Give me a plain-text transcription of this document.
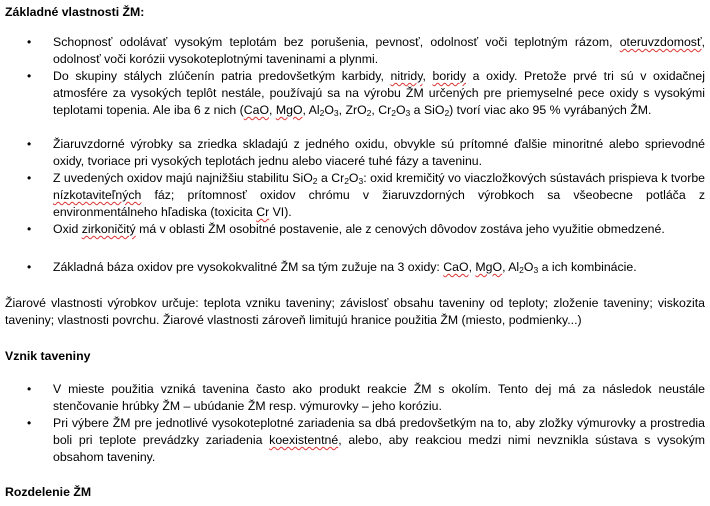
Základné vlastnosti ŽM:
• Schopnosť odolávať vysokým teplotám bez porušenia, pevnosť, odolnosť voči teplotným rázom, oteruvzdomosť, odolnosť voči korózii vysokoteplotnými taveninami a plynmi.
• Do skupiny stálych zlúčenín patria predovšetkým karbidy, nitridy, boridy a oxidy. Pretože prvé tri sú v oxidačnej atmosfére za vysokých teplôt nestále, používajú sa na výrobu ŽM určených pre priemyselné pece oxidy s vysokými teplotami topenia. Ale iba 6 z nich (CaO, MgO, $Al_2O_3$, ZrO$_2$, $Cr_2O_3$ a SiO$_2$) tvorí viac ako 95 % vyrábaných ŽM.
• Žiaruvzdorné výrobky sa zriedka skladajú z jedného oxidu, obvykle sú prítomné ďalšie minoritné alebo sprievodné oxidy, tvoriace pri vysokých teplotách jednu alebo viaceré tuhé fázy a taveninu.
• Z uvedených oxidov majú najnižšiu stabilitu SiO$_2$ a $Cr_2O_3$: oxid kremičitý vo viaczložkových sústavách prispieva k tvorbe nízkotaviteľných fáz; prítomnosť oxidov chrómu v žiaruvzdorných výrobkoch sa všeobecne potláča z environmentálneho hľadiska (toxicita Cr VI).
• Oxid zirkoničitý má v oblasti ŽM osobitné postavenie, ale z cenových dôvodov zostáva jeho využitie obmedzené.
• Základná báza oxidov pre vysokokvalitné ŽM sa tým zužuje na 3 oxidy: CaO, MgO, $Al_2O_3$ a ich kombinácie.

Žiarové vlastnosti výrobkov určuje: teplota vzniku taveniny; závislosť obsahu taveniny od teploty; zloženie taveniny; viskozita taveniny; vlastnosti povrchu. Žiarové vlastnosti zároveň limitujú hranice použitia ŽM (miesto, podmienky...)

Vznik taveniny
• V mieste použitia vzniká tavenina často ako produkt reakcie ŽM s okolím. Tento dej má za následok neustále stenčovanie hrúbky ŽM – ubúdanie ŽM resp. výmurovky – jeho koróziu.
• Pri výbere ŽM pre jednotlivé vysokoteplotné zariadenia sa dbá predovšetkým na to, aby zložky výmurovky a prostredia boli pri teplote prevádzky zariadenia koexistentné, alebo, aby reakciou medzi nimi nevznikla sústava s vysokým obsahom taveniny.
Rozdelenie ŽM
